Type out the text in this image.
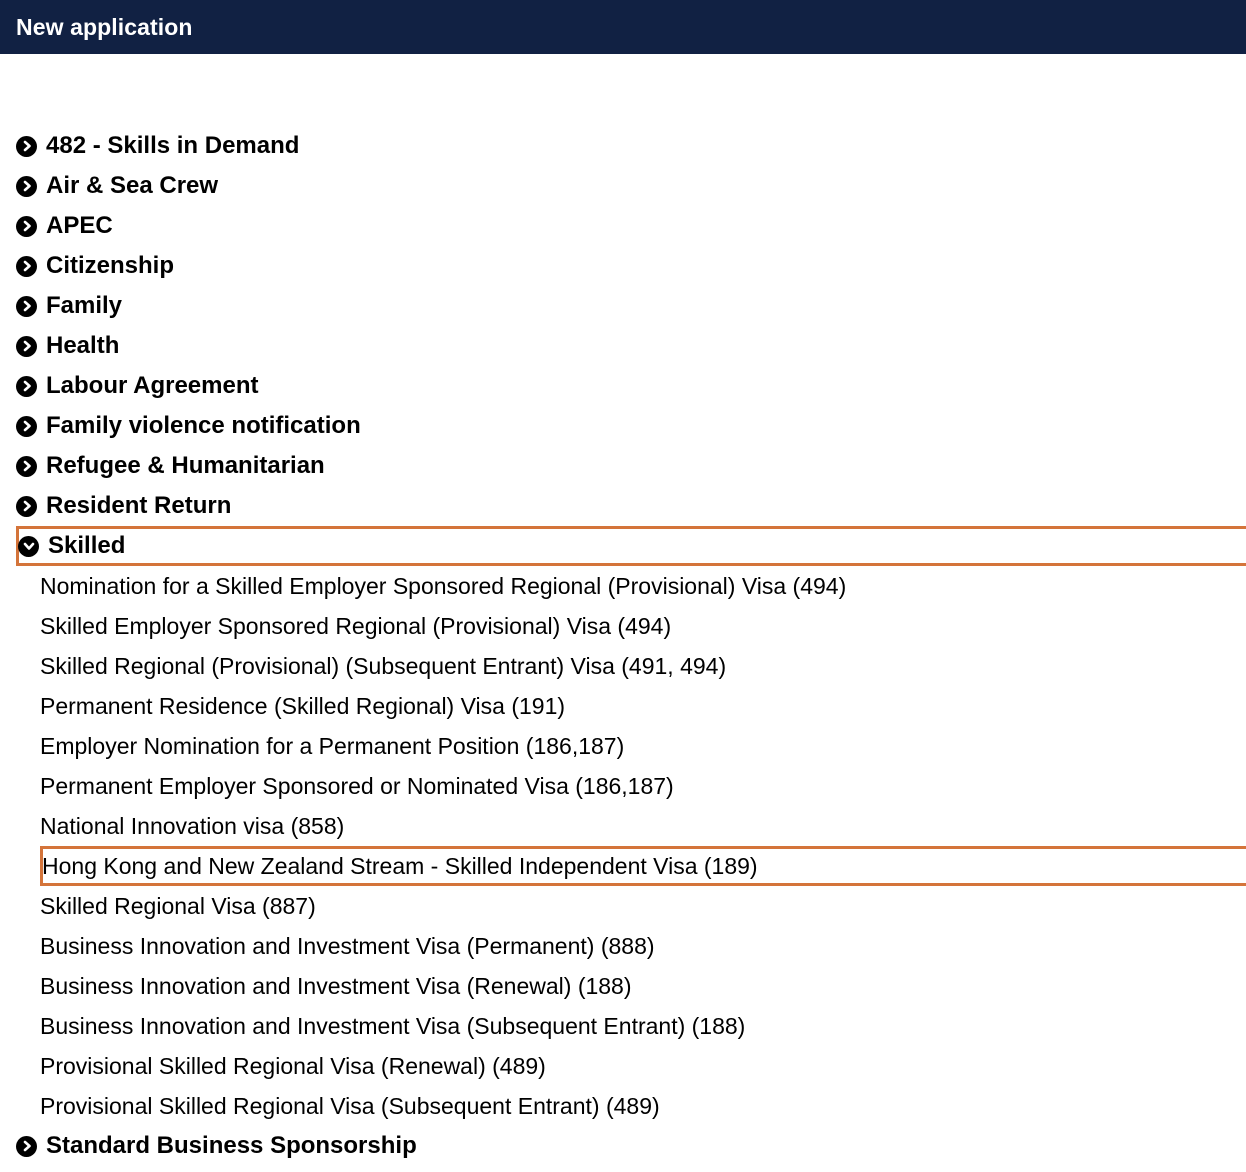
New application
482 - Skills in Demand
Air & Sea Crew
APEC
Citizenship
Family
Health
Labour Agreement
Family violence notification
Refugee & Humanitarian
Resident Return
Skilled
Nomination for a Skilled Employer Sponsored Regional (Provisional) Visa (494)
Skilled Employer Sponsored Regional (Provisional) Visa (494)
Skilled Regional (Provisional) (Subsequent Entrant) Visa (491, 494)
Permanent Residence (Skilled Regional) Visa (191)
Employer Nomination for a Permanent Position (186,187)
Permanent Employer Sponsored or Nominated Visa (186,187)
National Innovation visa (858)
Hong Kong and New Zealand Stream - Skilled Independent Visa (189)
Skilled Regional Visa (887)
Business Innovation and Investment Visa (Permanent) (888)
Business Innovation and Investment Visa (Renewal) (188)
Business Innovation and Investment Visa (Subsequent Entrant) (188)
Provisional Skilled Regional Visa (Renewal) (489)
Provisional Skilled Regional Visa (Subsequent Entrant) (489)
Standard Business Sponsorship
